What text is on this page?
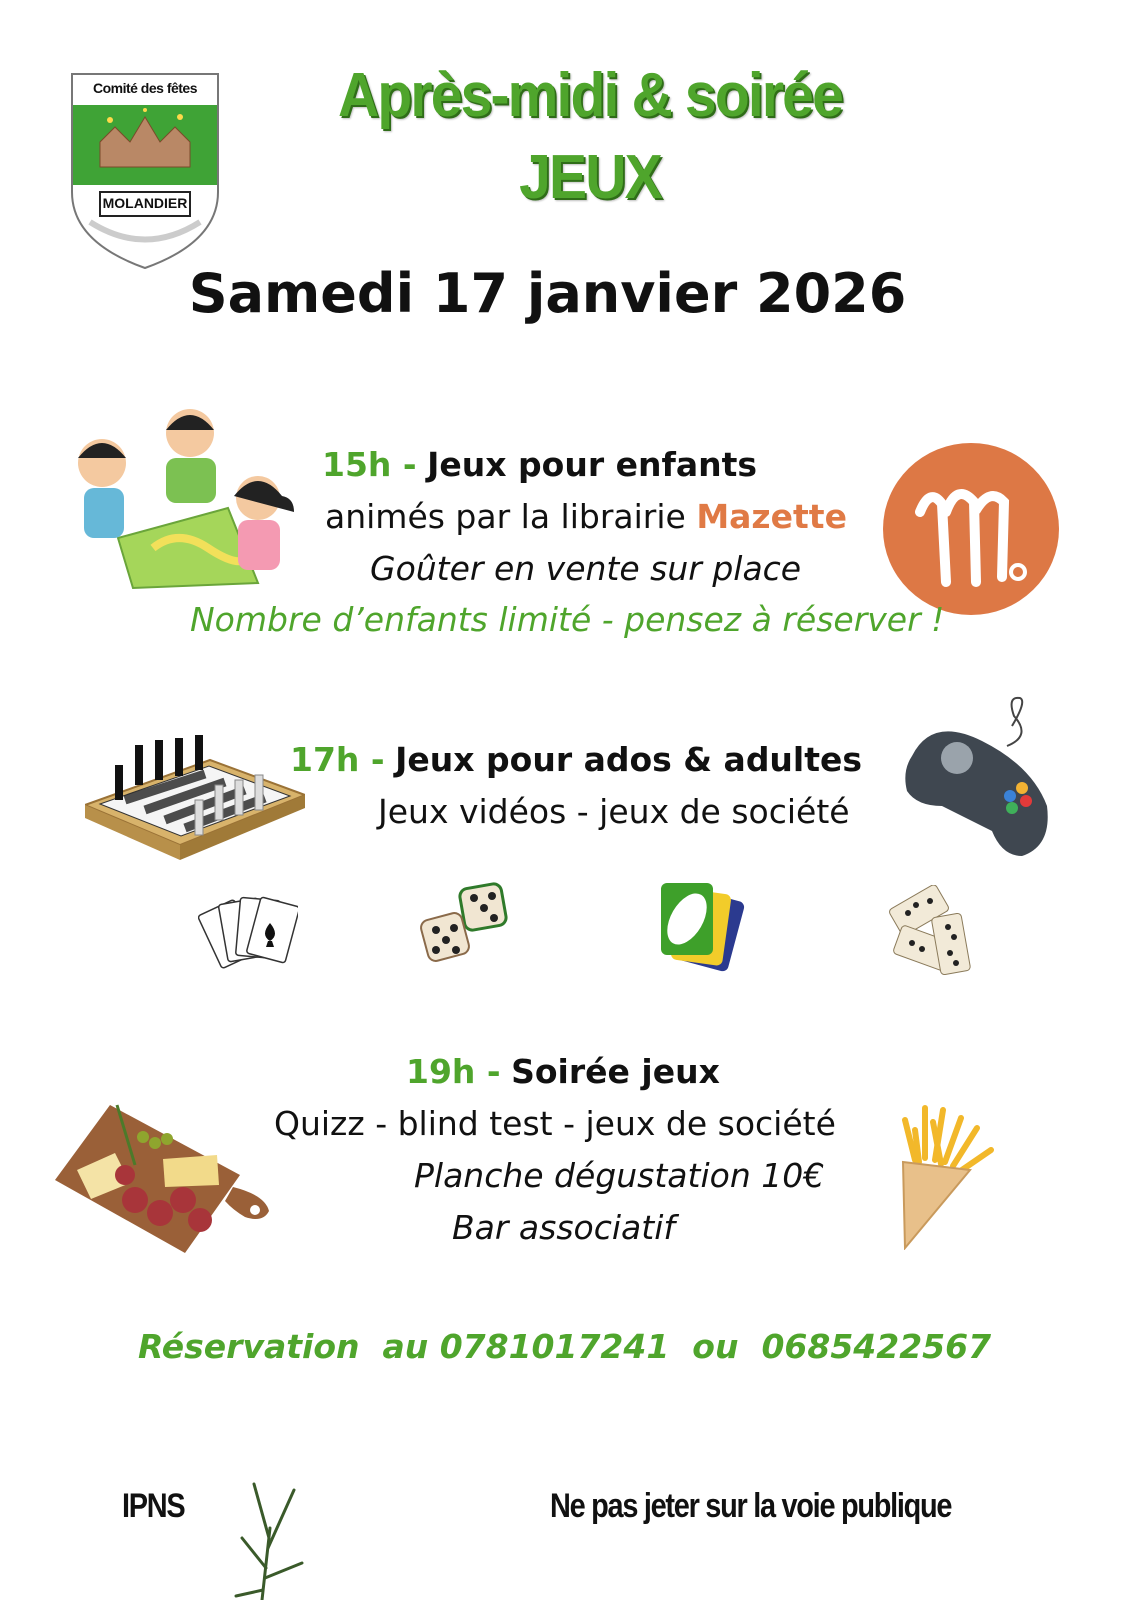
Comité des fêtes
MOLANDIER
Après-midi & soirée
JEUX
Samedi 17 janvier 2026
15h - Jeux pour enfants
animés par la librairie Mazette
Goûter en vente sur place
Nombre d’enfants limité - pensez à réserver !
17h - Jeux pour ados & adultes
Jeux vidéos - jeux de société
19h - Soirée jeux
Quizz - blind test - jeux de société
Planche dégustation 10€
Bar associatif
Réservation  au 0781017241  ou  0685422567
IPNS	Ne pas jeter sur la voie publique
